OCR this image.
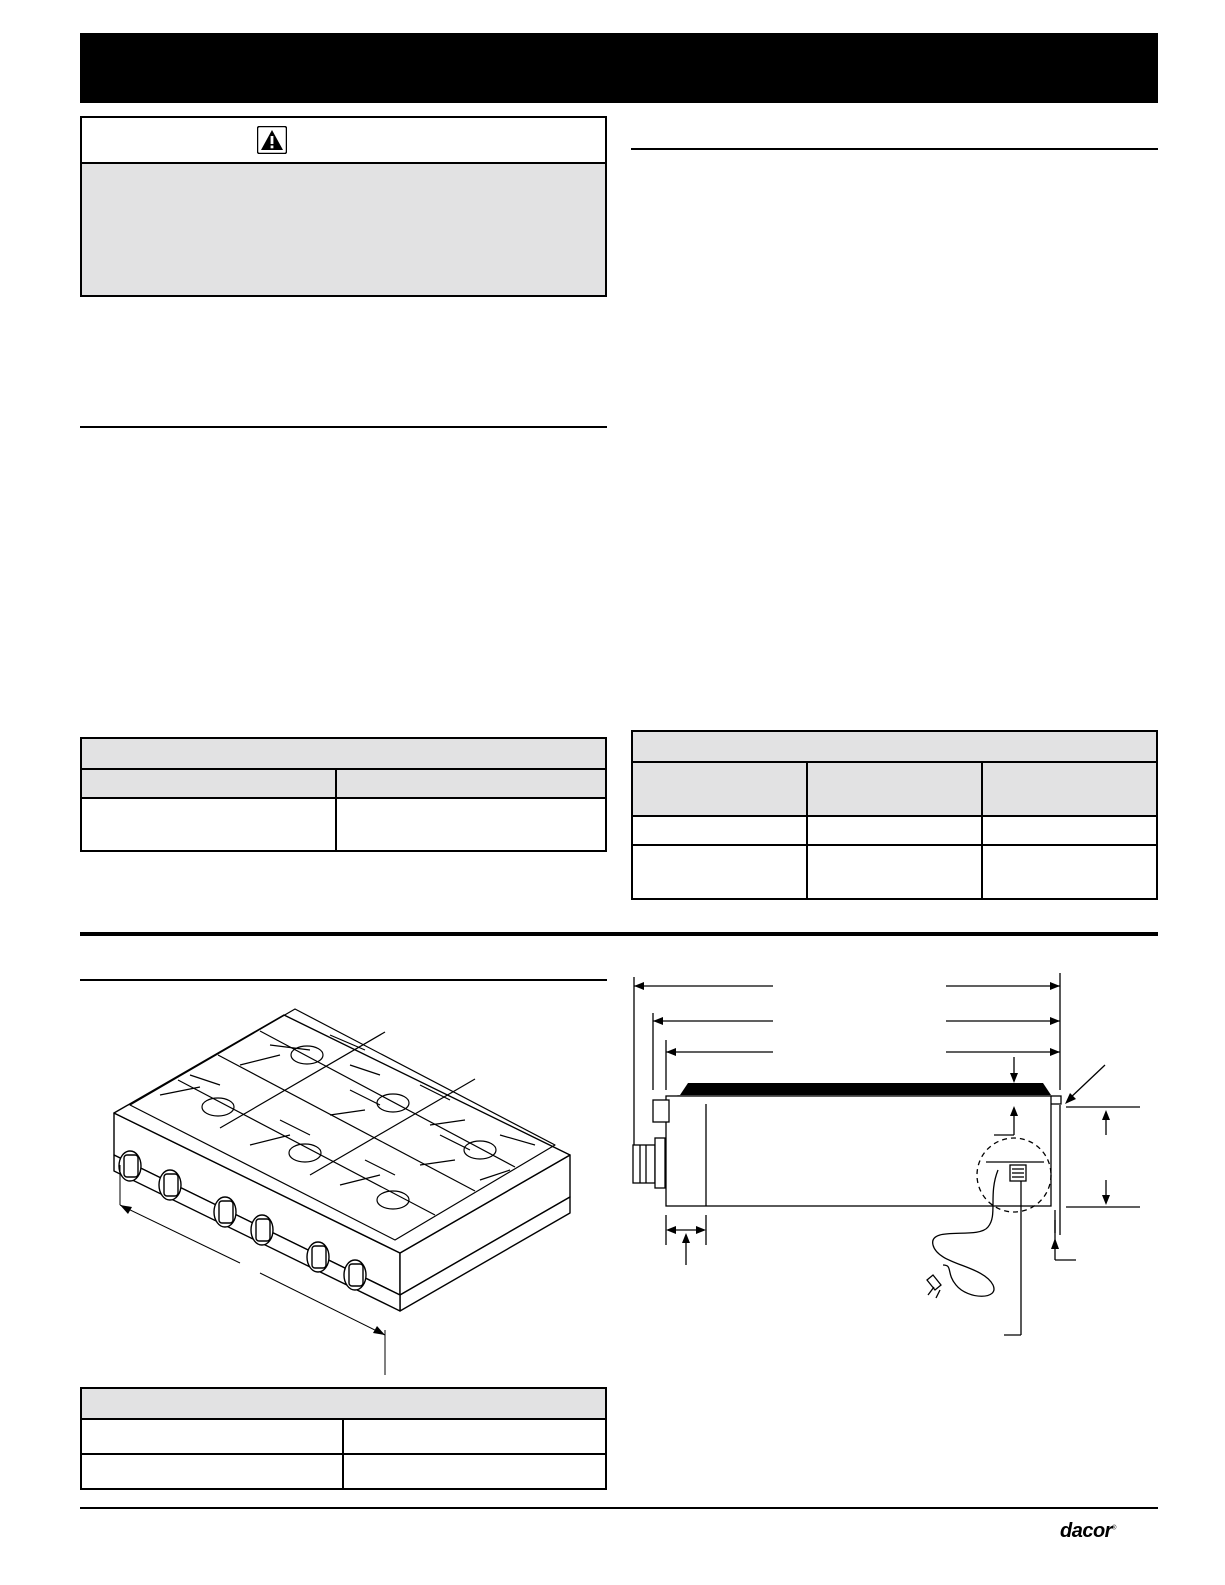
dacor®
